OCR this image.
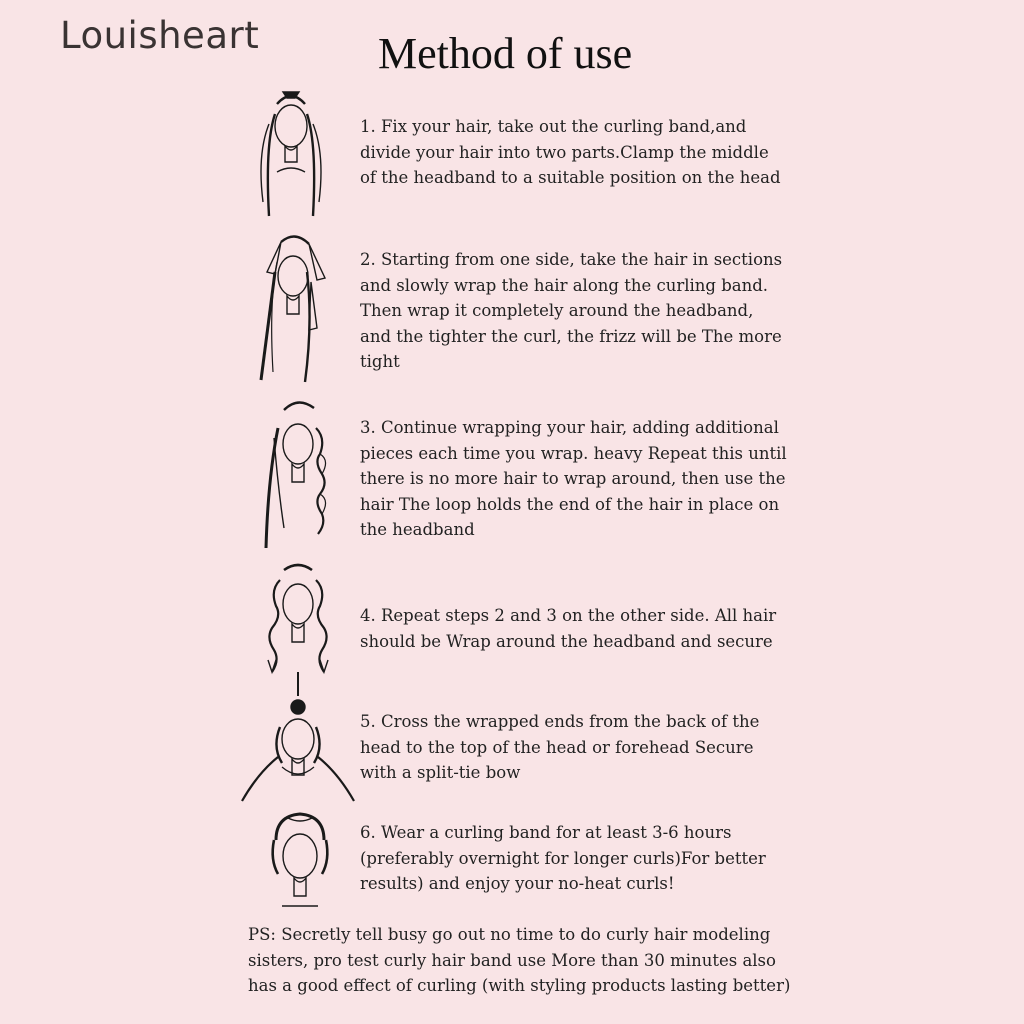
Louisheart	Method of use
1. Fix your hair, take out the curling band,and
divide your hair into two parts.Clamp the middle
of the headband to a suitable position on the head
2. Starting from one side, take the hair in sections
and slowly wrap the hair along the curling band.
Then wrap it completely around the headband,
and the tighter the curl, the frizz will be The more
tight
3. Continue wrapping your hair, adding additional
pieces each time you wrap. heavy Repeat this until
there is no more hair to wrap around, then use the
hair The loop holds the end of the hair in place on
the headband
4. Repeat steps 2 and 3 on the other side. All hair
should be Wrap around the headband and secure
5. Cross the wrapped ends from the back of the
head to the top of the head or forehead Secure
with a split-tie bow
6. Wear a curling band for at least 3-6 hours
(preferably overnight for longer curls)For better
results) and enjoy your no-heat curls!
PS: Secretly tell busy go out no time to do curly hair modeling
sisters, pro test curly hair band use More than 30 minutes also
has a good effect of curling (with styling products lasting better)
